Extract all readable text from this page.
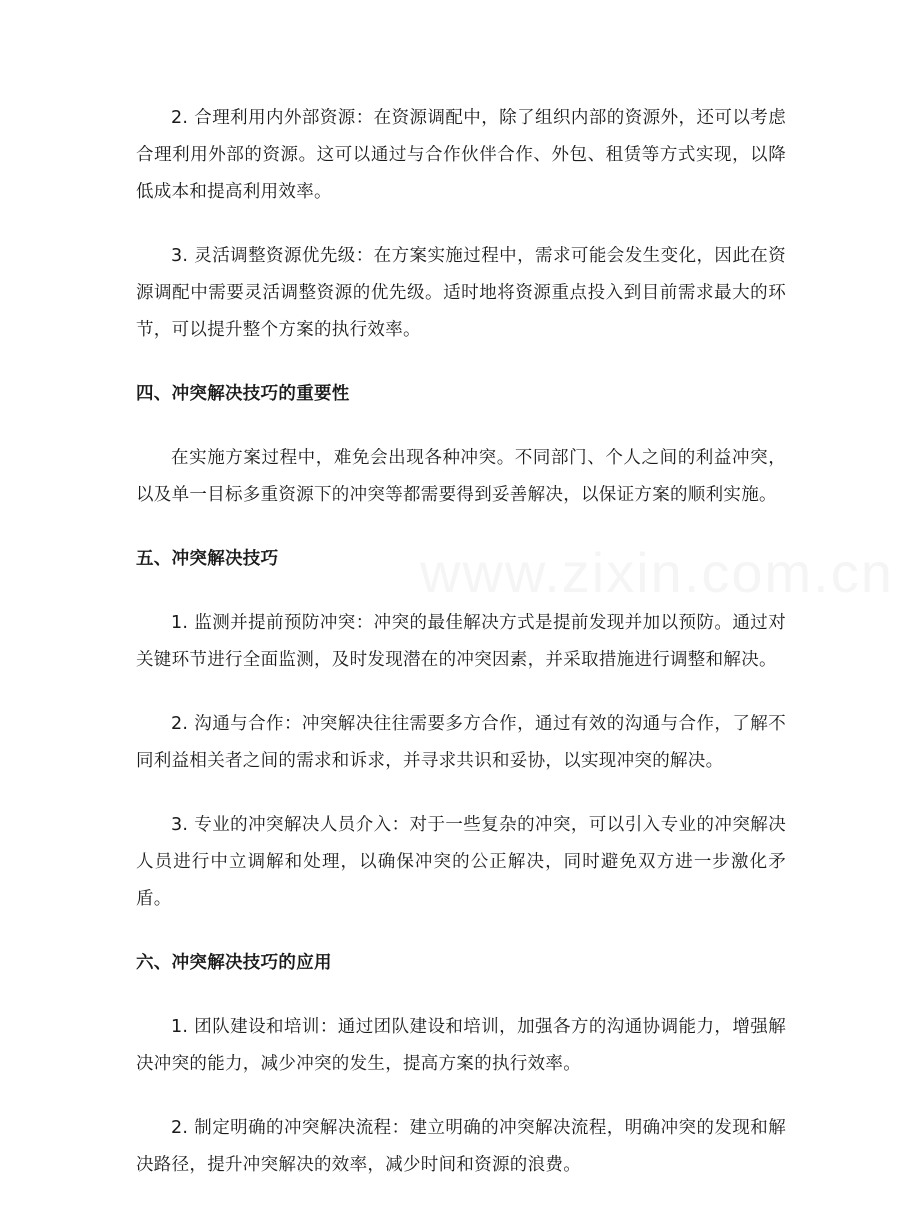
www.zixin.com.cn

2. 合理利用内外部资源：在资源调配中，除了组织内部的资源外，还可以考虑合理利用外部的资源。这可以通过与合作伙伴合作、外包、租赁等方式实现，以降低成本和提高利用效率。

3. 灵活调整资源优先级：在方案实施过程中，需求可能会发生变化，因此在资源调配中需要灵活调整资源的优先级。适时地将资源重点投入到目前需求最大的环节，可以提升整个方案的执行效率。

四、冲突解决技巧的重要性

在实施方案过程中，难免会出现各种冲突。不同部门、个人之间的利益冲突，以及单一目标多重资源下的冲突等都需要得到妥善解决，以保证方案的顺利实施。

五、冲突解决技巧

1. 监测并提前预防冲突：冲突的最佳解决方式是提前发现并加以预防。通过对关键环节进行全面监测，及时发现潜在的冲突因素，并采取措施进行调整和解决。

2. 沟通与合作：冲突解决往往需要多方合作，通过有效的沟通与合作，了解不同利益相关者之间的需求和诉求，并寻求共识和妥协，以实现冲突的解决。

3. 专业的冲突解决人员介入：对于一些复杂的冲突，可以引入专业的冲突解决人员进行中立调解和处理，以确保冲突的公正解决，同时避免双方进一步激化矛盾。

六、冲突解决技巧的应用

1. 团队建设和培训：通过团队建设和培训，加强各方的沟通协调能力，增强解决冲突的能力，减少冲突的发生，提高方案的执行效率。

2. 制定明确的冲突解决流程：建立明确的冲突解决流程，明确冲突的发现和解决路径，提升冲突解决的效率，减少时间和资源的浪费。
